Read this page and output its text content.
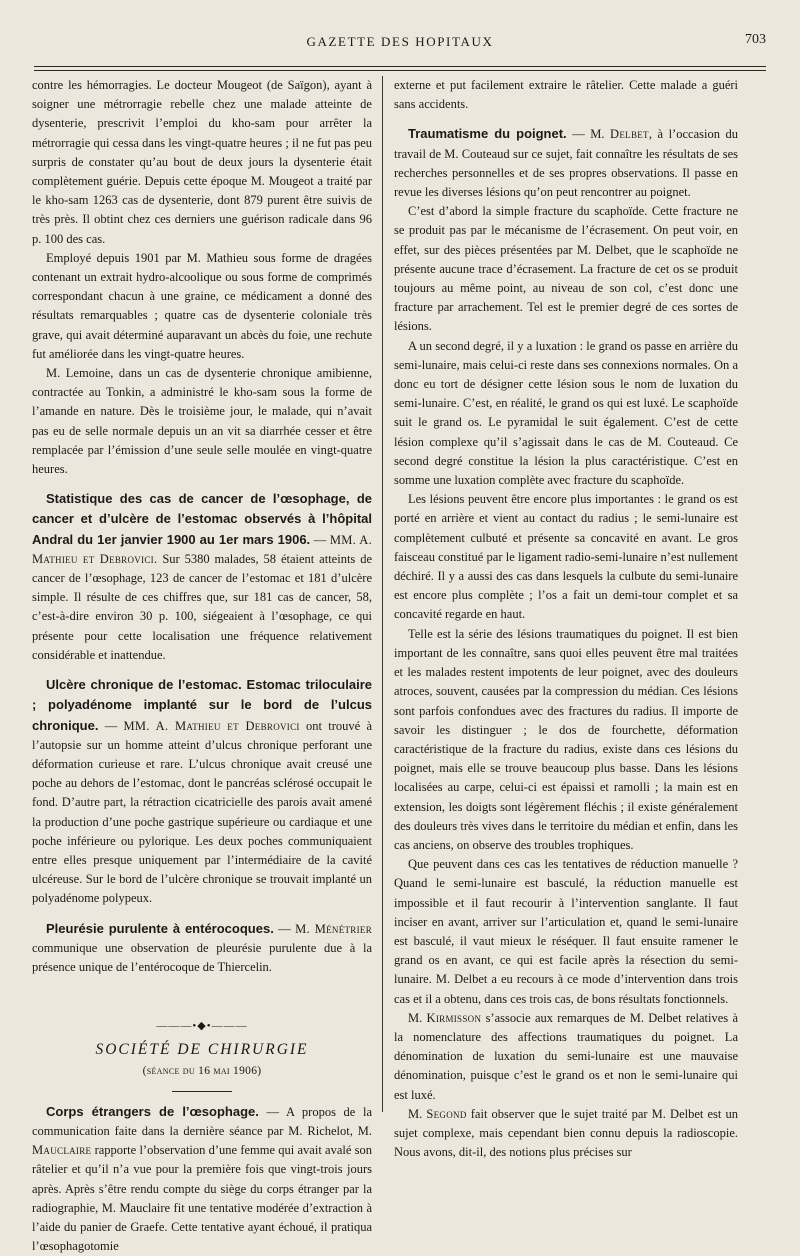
GAZETTE DES HOPITAUX	703

contre les hémorragies. Le docteur Mougeot (de Saïgon), ayant à soigner une métrorragie rebelle chez une malade atteinte de dysenterie, prescrivit l’emploi du kho-sam pour arrêter la métrorragie qui cessa dans les vingt-quatre heures ; il ne fut pas peu surpris de constater qu’au bout de deux jours la dysenterie était complètement guérie. Depuis cette époque M. Mougeot a traité par le kho-sam 1263 cas de dysenterie, dont 879 purent être suivis de très près. Il obtint chez ces derniers une guérison radicale dans 96 p. 100 des cas.

Employé depuis 1901 par M. Mathieu sous forme de dragées contenant un extrait hydro-alcoolique ou sous forme de comprimés correspondant chacun à une graine, ce médicament a donné des résultats remarquables ; quatre cas de dysenterie coloniale très grave, qui avait déterminé auparavant un abcès du foie, une rechute fut améliorée dans les vingt-quatre heures.

M. Lemoine, dans un cas de dysenterie chronique amibienne, contractée au Tonkin, a administré le kho-sam sous la forme de l’amande en nature. Dès le troisième jour, le malade, qui n’avait pas eu de selle normale depuis un an vit sa diarrhée cesser et être remplacée par l’émission d’une seule selle moulée en vingt-quatre heures.

Statistique des cas de cancer de l’œsophage, de cancer et d’ulcère de l’estomac observés à l’hôpital Andral du 1er janvier 1900 au 1er mars 1906. — MM. A. Mathieu et Debrovici. Sur 5380 malades, 58 étaient atteints de cancer de l’œsophage, 123 de cancer de l’estomac et 181 d’ulcère simple. Il résulte de ces chiffres que, sur 181 cas de cancer, 58, c’est-à-dire environ 30 p. 100, siégeaient à l’œsophage, ce qui présente pour cette localisation une fréquence relativement considérable et inattendue.

Ulcère chronique de l’estomac. Estomac triloculaire ; polyadénome implanté sur le bord de l’ulcus chronique. — MM. A. Mathieu et Debrovici ont trouvé à l’autopsie sur un homme atteint d’ulcus chronique perforant une déformation curieuse et rare. L’ulcus chronique avait creusé une poche au dehors de l’estomac, dont le pancréas sclérosé occupait le fond. D’autre part, la rétraction cicatricielle des parois avait amené la production d’une poche gastrique supérieure ou cardiaque et une poche inférieure ou pylorique. Les deux poches communiquaient entre elles presque uniquement par l’intermédiaire de la cavité ulcéreuse. Sur le bord de l’ulcère chronique se trouvait implanté un polyadénome polypeux.

Pleurésie purulente à entérocoques. — M. Ménétrier communique une observation de pleurésie purulente due à la présence unique de l’entérocoque de Thiercelin.

———•◆•———

SOCIÉTÉ DE CHIRURGIE

(séance du 16 mai 1906)

Corps étrangers de l’œsophage. — A propos de la communication faite dans la dernière séance par M. Richelot, M. Mauclaire rapporte l’observation d’une femme qui avait avalé son râtelier et qu’il n’a vue pour la première fois que vingt-trois jours après. Après s’être rendu compte du siège du corps étranger par la radiographie, M. Mauclaire fit une tentative modérée d’extraction à l’aide du panier de Graefe. Cette tentative ayant échoué, il pratiqua l’œsophagotomie

externe et put facilement extraire le râtelier. Cette malade a guéri sans accidents.

Traumatisme du poignet. — M. Delbet, à l’occasion du travail de M. Couteaud sur ce sujet, fait connaître les résultats de ses recherches personnelles et de ses propres observations. Il passe en revue les diverses lésions qu’on peut rencontrer au poignet.

C’est d’abord la simple fracture du scaphoïde. Cette fracture ne se produit pas par le mécanisme de l’écrasement. On peut voir, en effet, sur des pièces présentées par M. Delbet, que le scaphoïde ne présente aucune trace d’écrasement. La fracture de cet os se produit toujours au même point, au niveau de son col, c’est donc une fracture par arrachement. Tel est le premier degré de ces sortes de lésions.

A un second degré, il y a luxation : le grand os passe en arrière du semi-lunaire, mais celui-ci reste dans ses connexions normales. On a donc eu tort de désigner cette lésion sous le nom de luxation du semi-lunaire. C’est, en réalité, le grand os qui est luxé. Le scaphoïde suit le grand os. Le pyramidal le suit également. C’est de cette lésion complexe qu’il s’agissait dans le cas de M. Couteaud. Ce second degré constitue la lésion la plus caractéristique. C’est en somme une luxation complète avec fracture du scaphoïde.

Les lésions peuvent être encore plus importantes : le grand os est porté en arrière et vient au contact du radius ; le semi-lunaire est complètement culbuté et présente sa concavité en avant. Le gros faisceau constitué par le ligament radio-semi-lunaire n’est nullement déchiré. Il y a aussi des cas dans lesquels la culbute du semi-lunaire est encore plus complète ; l’os a fait un demi-tour complet et sa concavité regarde en haut.

Telle est la série des lésions traumatiques du poignet. Il est bien important de les connaître, sans quoi elles peuvent être mal traitées et les malades restent impotents de leur poignet, avec des douleurs atroces, souvent, causées par la compression du médian. Ces lésions sont parfois confondues avec des fractures du radius. Il importe de savoir les distinguer ; le dos de fourchette, déformation caractéristique de la fracture du radius, existe dans ces lésions du poignet, mais elle se trouve beaucoup plus basse. Dans les lésions localisées au carpe, celui-ci est épaissi et ramolli ; la main est en extension, les doigts sont légèrement fléchis ; il existe généralement des douleurs très vives dans le territoire du médian et enfin, dans les cas anciens, on observe des troubles trophiques.

Que peuvent dans ces cas les tentatives de réduction manuelle ? Quand le semi-lunaire est basculé, la réduction manuelle est impossible et il faut recourir à l’intervention sanglante. Il faut inciser en avant, arriver sur l’articulation et, quand le semi-lunaire est basculé, il vaut mieux le réséquer. Il faut ensuite ramener le grand os en avant, ce qui est facile après la résection du semi-lunaire. M. Delbet a eu recours à ce mode d’intervention dans trois cas et il a obtenu, dans ces trois cas, de bons résultats fonctionnels.

M. Kirmisson s’associe aux remarques de M. Delbet relatives à la nomenclature des affections traumatiques du poignet. La dénomination de luxation du semi-lunaire est une mauvaise dénomination, puisque c’est le grand os et non le semi-lunaire qui est luxé.

M. Segond fait observer que le sujet traité par M. Delbet est un sujet complexe, mais cependant bien connu depuis la radioscopie. Nous avons, dit-il, des notions plus précises sur
